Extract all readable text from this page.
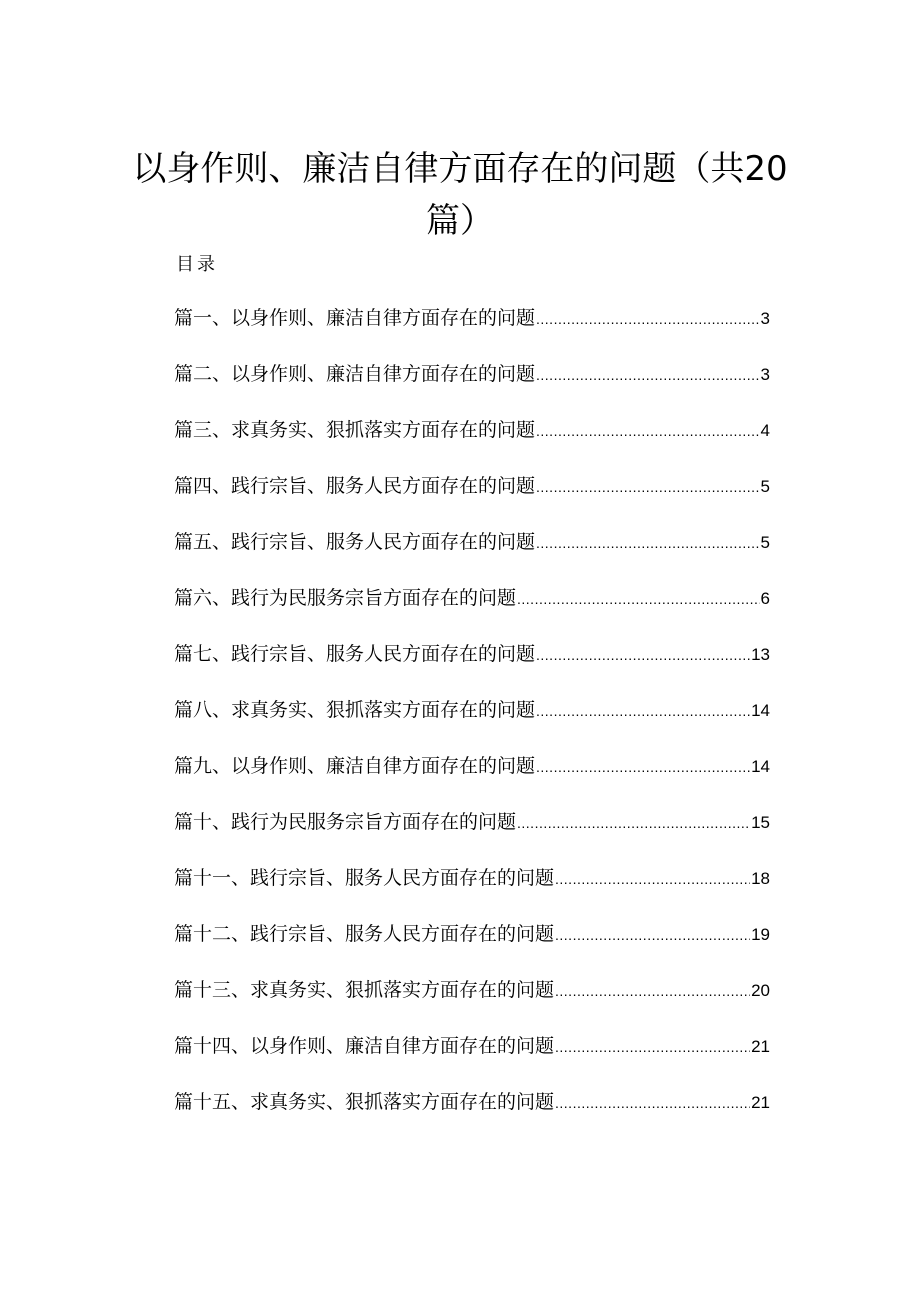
以身作则、廉洁自律方面存在的问题（共20篇）
目录
篇一、以身作则、廉洁自律方面存在的问题 .....	3
篇二、以身作则、廉洁自律方面存在的问题 .....	3
篇三、求真务实、狠抓落实方面存在的问题 .....	4
篇四、践行宗旨、服务人民方面存在的问题 .....	5
篇五、践行宗旨、服务人民方面存在的问题 .....	5
篇六、践行为民服务宗旨方面存在的问题 .....	6
篇七、践行宗旨、服务人民方面存在的问题 .....	13
篇八、求真务实、狠抓落实方面存在的问题 .....	14
篇九、以身作则、廉洁自律方面存在的问题 .....	14
篇十、践行为民服务宗旨方面存在的问题 .....	15
篇十一、践行宗旨、服务人民方面存在的问题 .....	18
篇十二、践行宗旨、服务人民方面存在的问题 .....	19
篇十三、求真务实、狠抓落实方面存在的问题 .....	20
篇十四、以身作则、廉洁自律方面存在的问题 .....	21
篇十五、求真务实、狠抓落实方面存在的问题 .....	21
